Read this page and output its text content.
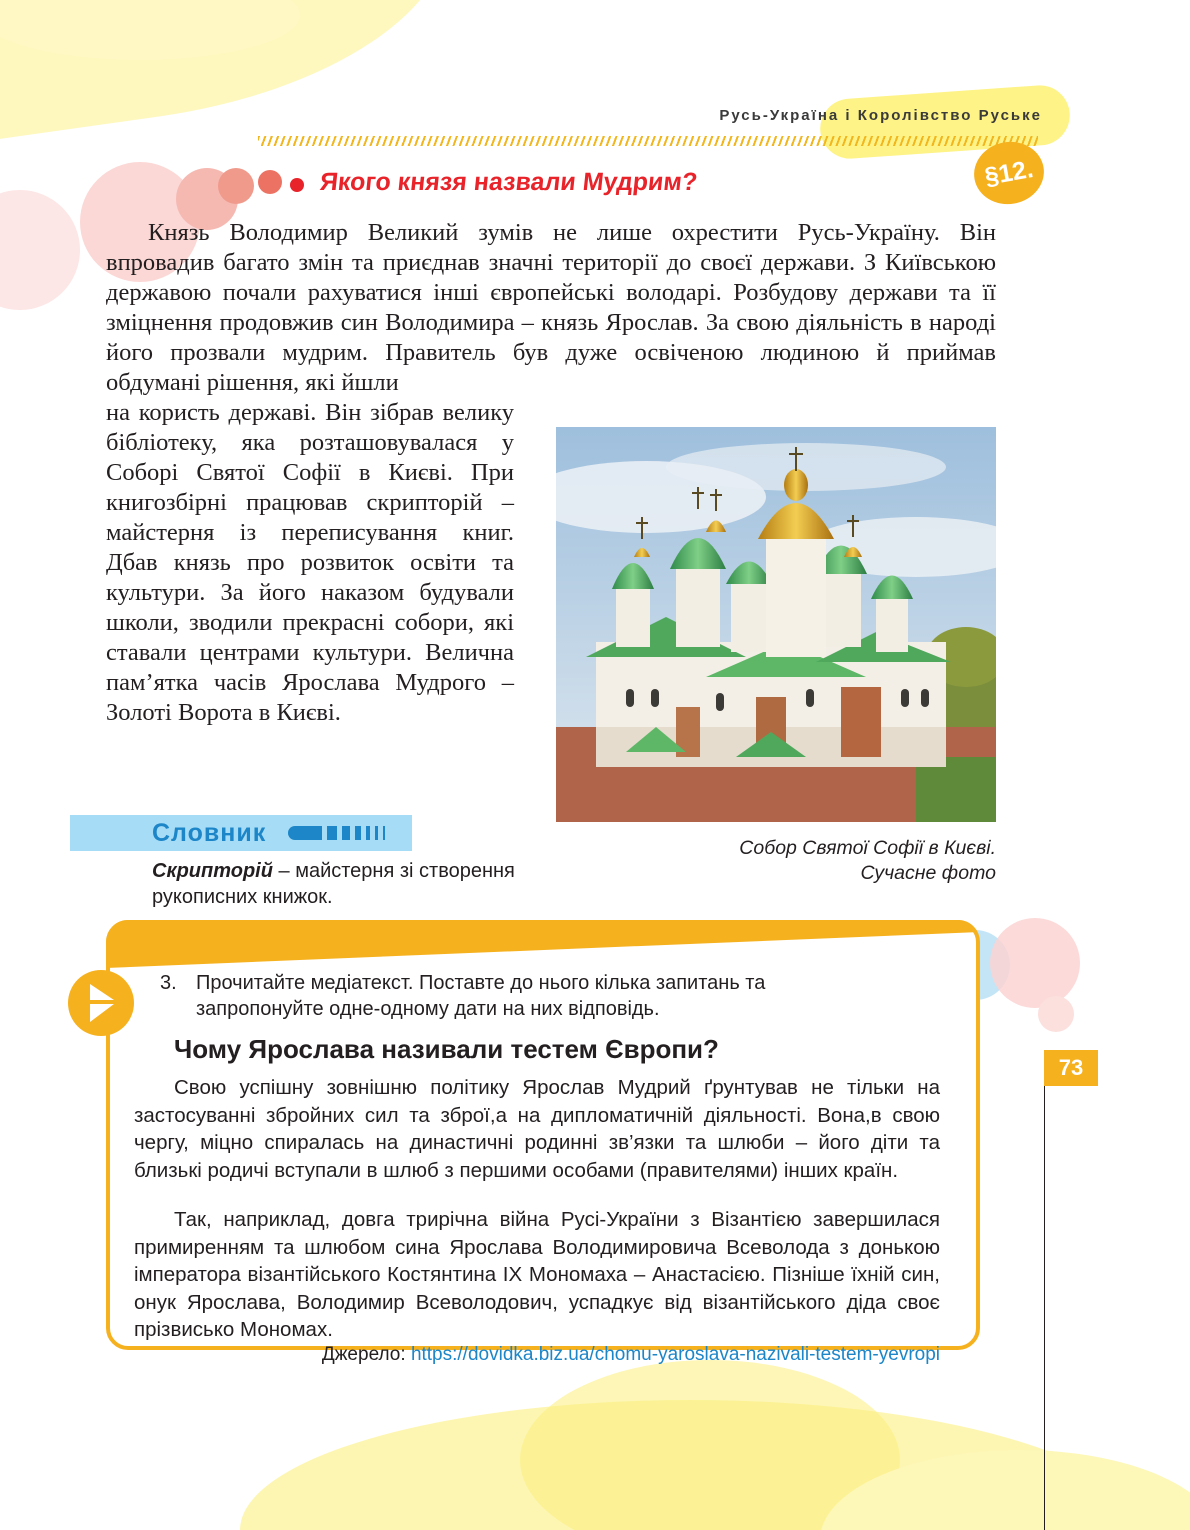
Русь-Україна і Королівство Руське
§12.
Якого князя назвали Мудрим?

Князь Володимир Великий зумів не лише охрестити Русь-Україну. Він впровадив багато змін та приєднав значні території до своєї держави. З Київською державою почали рахуватися інші європейські володарі. Розбудову держави та її зміцнення продовжив син Володимира – князь Ярослав. За свою діяльність в народі його прозвали мудрим. Правитель був дуже освіченою людиною й приймав обдумані рішення, які йшли

на користь державі. Він зібрав велику бібліотеку, яка розташовувалася у Соборі Святої Софії в Києві. При книгозбірні працював скрипторій – майстерня із переписування книг. Дбав князь про розвиток освіти та культури. За його наказом будували школи, зводили прекрасні собори, які ставали центрами культури. Велична пам’ятка часів Ярослава Мудрого – Золоті Ворота в Києві.

Собор Святої Софії в Києві.
Сучасне фото
Словник
Скрипторій – майстерня зі створення рукописних книжок.
3. Прочитайте медіатекст. Поставте до нього кілька запитань та запропонуйте одне-одному дати на них відповідь.
Чому Ярослава називали тестем Європи?

Свою успішну зовнішню політику Ярослав Мудрий ґрунтував не тільки на застосуванні збройних сил та зброї,а на дипломатичній діяльності. Вона,в свою чергу, міцно спиралась на династичні родинні зв’язки та шлюби – його діти та близькі родичі вступали в шлюб з першими особами (правителями) інших країн.

Так, наприклад, довга трирічна війна Русі-України з Візантією завершилася примиренням та шлюбом сина Ярослава Володимировича Всеволода з донькою імператора візантійського Костянтина IX Мономаха – Анастасією. Пізніше їхній син, онук Ярослава, Володимир Всеволодович, успадкує від візантійського діда своє прізвисько Мономах.

Джерело: https://dovidka.biz.ua/chomu-yaroslava-nazivali-testem-yevropi
73
